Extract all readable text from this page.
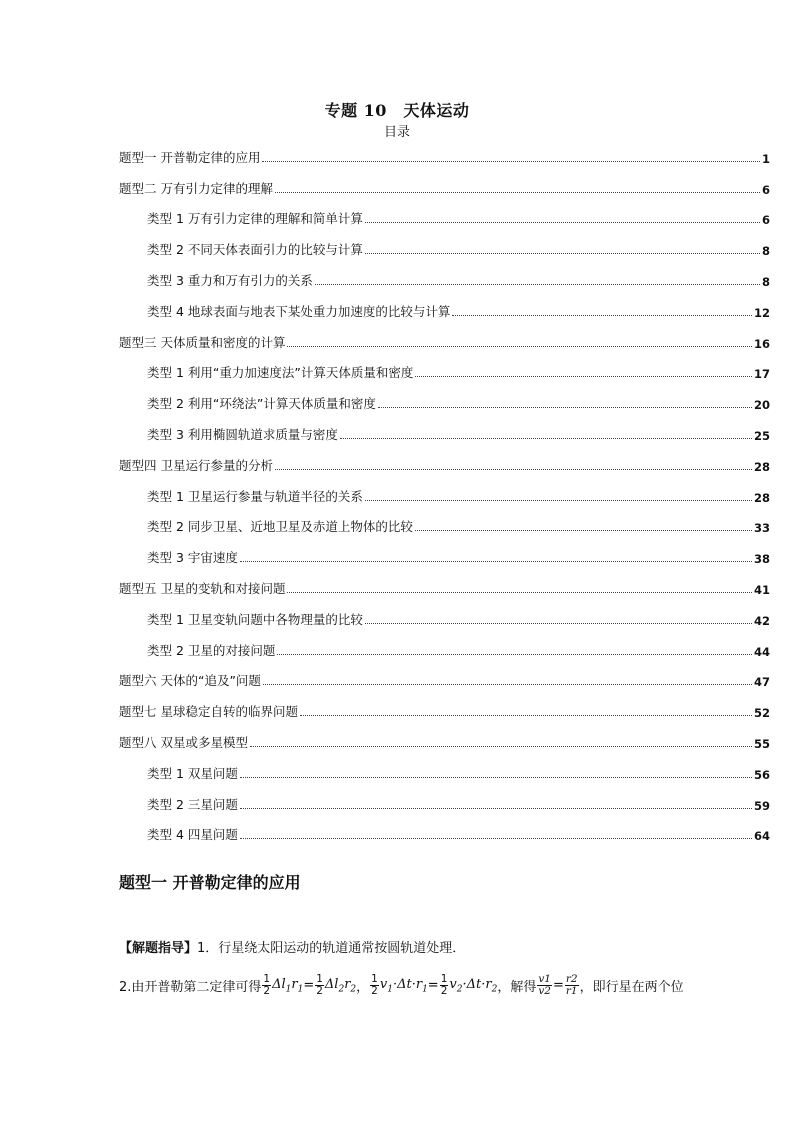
专题 10　天体运动
目录
题型一 开普勒定律的应用	1
题型二 万有引力定律的理解	6
类型 1 万有引力定律的理解和简单计算	6
类型 2 不同天体表面引力的比较与计算	8
类型 3 重力和万有引力的关系	8
类型 4 地球表面与地表下某处重力加速度的比较与计算	12
题型三 天体质量和密度的计算	16
类型 1 利用“重力加速度法”计算天体质量和密度	17
类型 2 利用“环绕法”计算天体质量和密度	20
类型 3 利用椭圆轨道求质量与密度	25
题型四 卫星运行参量的分析	28
类型 1 卫星运行参量与轨道半径的关系	28
类型 2 同步卫星、近地卫星及赤道上物体的比较	33
类型 3 宇宙速度	38
题型五 卫星的变轨和对接问题	41
类型 1 卫星变轨问题中各物理量的比较	42
类型 2 卫星的对接问题	44
题型六 天体的“追及”问题	47
题型七 星球稳定自转的临界问题	52
题型八 双星或多星模型	55
类型 1 双星问题	56
类型 2 三星问题	59
类型 4 四星问题	64
题型一 开普勒定律的应用
【解题指导】1．行星绕太阳运动的轨道通常按圆轨道处理．
2.由开普勒第二定律可得 $\frac{1}{2} \Delta l_1r_1 = \frac{1}{2} \Delta l_2r_2$ ， $\frac{1}{2} v_1\cdot\Delta t\cdot r_1 = \frac{1}{2} v_2\cdot\Delta t\cdot r_2$ ，解得 $\frac{v1}{v2} = \frac{r2}{r1}$ ，即行星在两个位
